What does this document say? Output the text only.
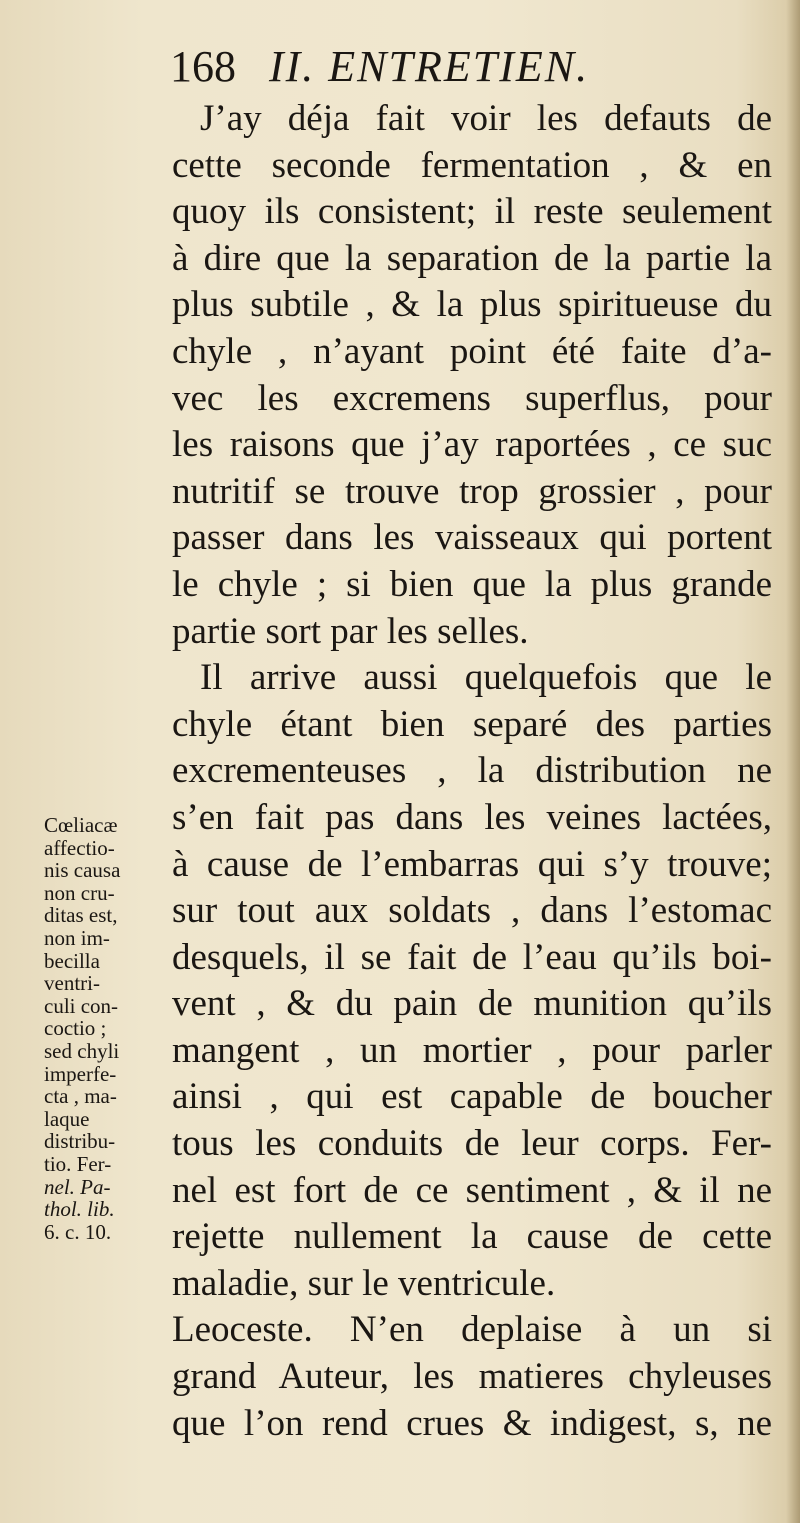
168 II. ENTRETIEN.
Cœliacæ
affectio-
nis causa
non cru-
ditas est,
non im-
becilla
ventri-
culi con-
coctio ;
sed chyli
imperfe-
cta , ma-
laque
distribu-
tio. Fer-
nel. Pa-
thol. lib.
6. c. 10.
J’ay déja fait voir les defauts de
cette seconde fermentation , & en
quoy ils consistent; il reste seulement
à dire que la separation de la partie la
plus subtile , & la plus spiritueuse du
chyle , n’ayant point été faite d’a-
vec les excremens superflus, pour
les raisons que j’ay raportées , ce suc
nutritif se trouve trop grossier , pour
passer dans les vaisseaux qui portent
le chyle ; si bien que la plus grande
partie sort par les selles.
Il arrive aussi quelquefois que le
chyle étant bien separé des parties
excrementeuses , la distribution ne
s’en fait pas dans les veines lactées,
à cause de l’embarras qui s’y trouve;
sur tout aux soldats , dans l’estomac
desquels, il se fait de l’eau qu’ils boi-
vent , & du pain de munition qu’ils
mangent , un mortier , pour parler
ainsi , qui est capable de boucher
tous les conduits de leur corps. Fer-
nel est fort de ce sentiment , & il ne
rejette nullement la cause de cette
maladie, sur le ventricule.
Leoceste. N’en deplaise à un si
grand Auteur, les matieres chyleuses
que l’on rend crues & indigest, s, ne
